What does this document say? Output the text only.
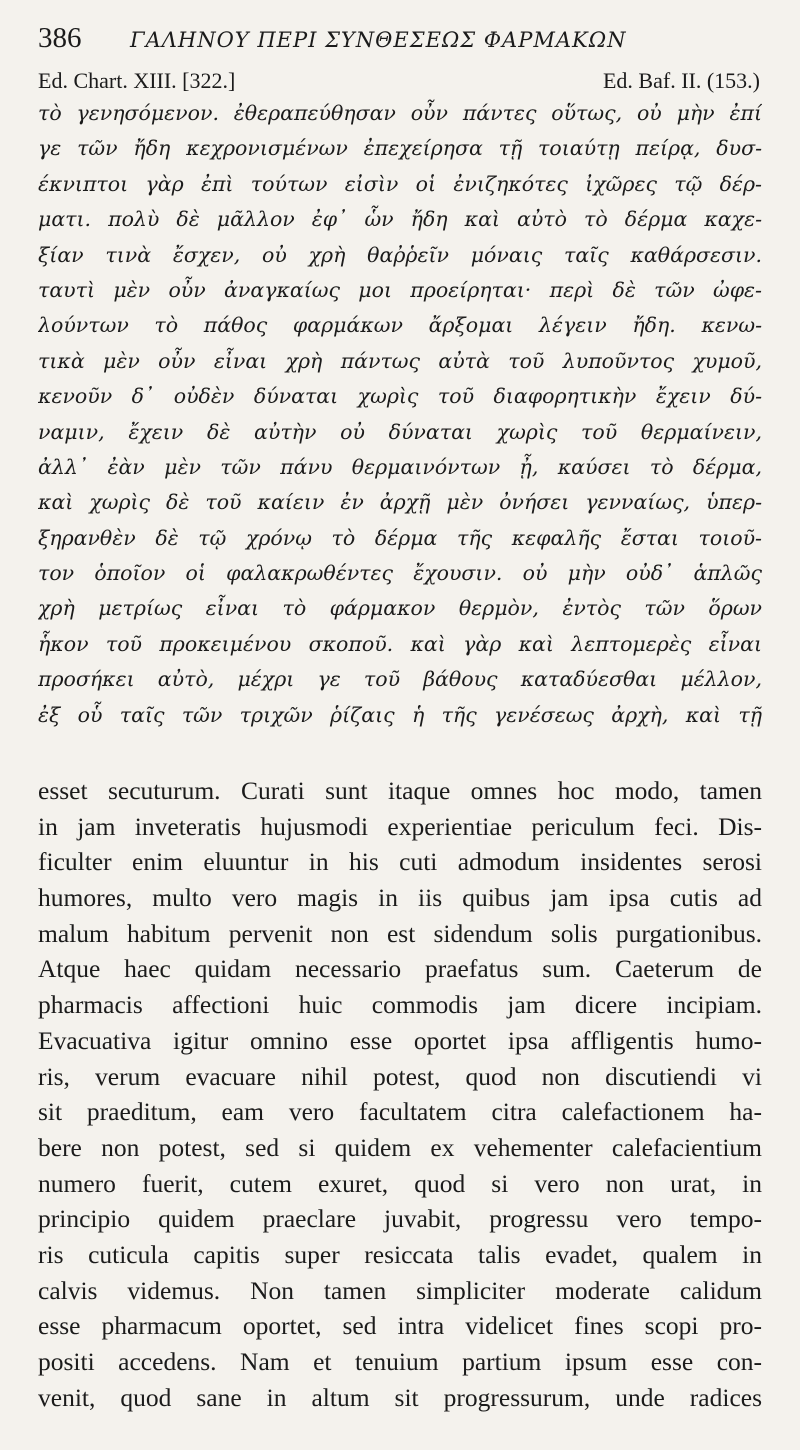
386	ΓΑΛΗΝΟΥ ΠΕΡΙ ΣΥΝΘΕΣΕΩΣ ΦΑΡΜΑΚΩΝ
Ed. Chart. XIII. [322.]	Ed. Baf. II. (153.)
τὸ γενησόμενον. ἐθεραπεύθησαν οὖν πάντες οὕτως, οὐ μὴν ἐπί
γε τῶν ἤδη κεχρονισμένων ἐπεχείρησα τῇ τοιαύτῃ πείρᾳ, δυσ-
έκνιπτοι γὰρ ἐπὶ τούτων εἰσὶν οἱ ἐνιζηκότες ἰχῶρες τῷ δέρ-
ματι. πολὺ δὲ μᾶλλον ἐφ᾽ ὧν ἤδη καὶ αὐτὸ τὸ δέρμα καχε-
ξίαν τινὰ ἔσχεν, οὐ χρὴ θαῤῥεῖν μόναις ταῖς καθάρσεσιν.
ταυτὶ μὲν οὖν ἀναγκαίως μοι προείρηται· περὶ δὲ τῶν ὠφε-
λούντων τὸ πάθος φαρμάκων ἄρξομαι λέγειν ἤδη. κενω-
τικὰ μὲν οὖν εἶναι χρὴ πάντως αὐτὰ τοῦ λυποῦντος χυμοῦ,
κενοῦν δ᾽ οὐδὲν δύναται χωρὶς τοῦ διαφορητικὴν ἔχειν δύ-
ναμιν, ἔχειν δὲ αὐτὴν οὐ δύναται χωρὶς τοῦ θερμαίνειν,
ἀλλ᾽ ἐὰν μὲν τῶν πάνυ θερμαινόντων ᾖ, καύσει τὸ δέρμα,
καὶ χωρὶς δὲ τοῦ καίειν ἐν ἀρχῇ μὲν ὀνήσει γενναίως, ὑπερ-
ξηρανθὲν δὲ τῷ χρόνῳ τὸ δέρμα τῆς κεφαλῆς ἔσται τοιοῦ-
τον ὁποῖον οἱ φαλακρωθέντες ἔχουσιν. οὐ μὴν οὐδ᾽ ἁπλῶς
χρὴ μετρίως εἶναι τὸ φάρμακον θερμὸν, ἐντὸς τῶν ὅρων
ἧκον τοῦ προκειμένου σκοποῦ. καὶ γὰρ καὶ λεπτομερὲς εἶναι
προσήκει αὐτὸ, μέχρι γε τοῦ βάθους καταδύεσθαι μέλλον,
ἐξ οὗ ταῖς τῶν τριχῶν ῥίζαις ἡ τῆς γενέσεως ἀρχὴ, καὶ τῇ
esset secuturum. Curati sunt itaque omnes hoc modo, tamen
in jam inveteratis hujusmodi experientiae periculum feci. Dis-
ficulter enim eluuntur in his cuti admodum insidentes serosi
humores, multo vero magis in iis quibus jam ipsa cutis ad
malum habitum pervenit non est sidendum solis purgationibus.
Atque haec quidam necessario praefatus sum. Caeterum de
pharmacis affectioni huic commodis jam dicere incipiam.
Evacuativa igitur omnino esse oportet ipsa affligentis humo-
ris, verum evacuare nihil potest, quod non discutiendi vi
sit praeditum, eam vero facultatem citra calefactionem ha-
bere non potest, sed si quidem ex vehementer calefacientium
numero fuerit, cutem exuret, quod si vero non urat, in
principio quidem praeclare juvabit, progressu vero tempo-
ris cuticula capitis super resiccata talis evadet, qualem in
calvis videmus. Non tamen simpliciter moderate calidum
esse pharmacum oportet, sed intra videlicet fines scopi pro-
positi accedens. Nam et tenuium partium ipsum esse con-
venit, quod sane in altum sit progressurum, unde radices
